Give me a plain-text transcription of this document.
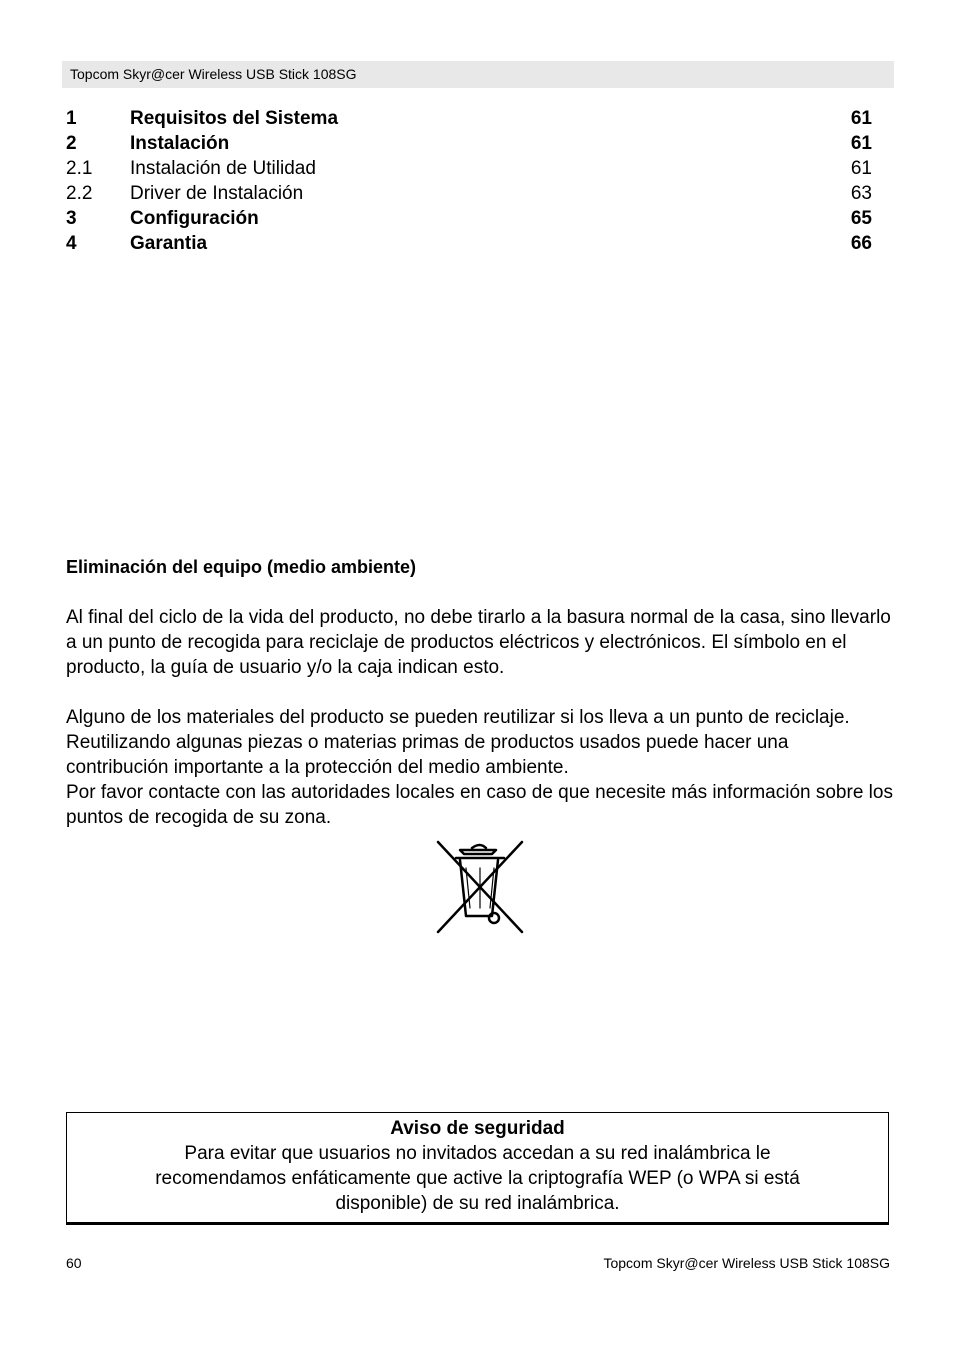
Topcom Skyr@cer Wireless USB Stick 108SG
1	Requisitos del Sistema	61
2	Instalación	61
2.1 Instalación de Utilidad	61
2.2 Driver de Instalación	63
3	Configuración	65
4	Garantia	66
Eliminación del equipo (medio ambiente)

Al final del ciclo de la vida del producto, no debe tirarlo a la basura normal de la casa, sino llevarlo a un punto de recogida para reciclaje de productos eléctricos y electrónicos. El símbolo en el producto, la guía de usuario y/o la caja indican esto.

Alguno de los materiales del producto se pueden reutilizar si los lleva a un punto de reciclaje. Reutilizando algunas piezas o materias primas de productos usados puede hacer una contribución importante a la protección del medio ambiente.

Por favor contacte con las autoridades locales en caso de que necesite más información sobre los puntos de recogida de su zona.

Aviso de seguridad
Para evitar que usuarios no invitados accedan a su red inalámbrica le recomendamos enfáticamente que active la criptografía WEP (o WPA si está disponible) de su red inalámbrica.
60	Topcom Skyr@cer Wireless USB Stick 108SG
